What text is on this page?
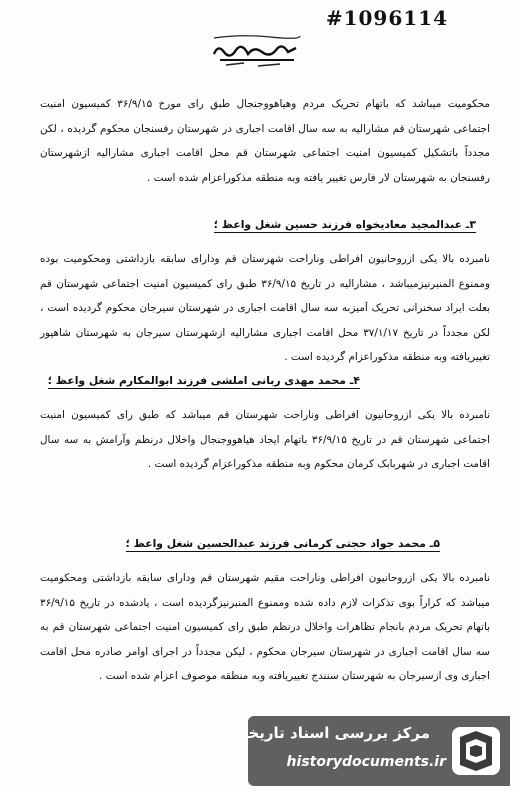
#1096114

محکومیت میباشد که باتهام تحریک مردم وهیاهووجنجال طبق رای مورخ ۳۶/۹/۱۵ کمیسیون امنیت اجتماعی شهرستان قم مشارالیه به سه سال اقامت اجباری در شهرستان رفسنجان محکوم گردیده ، لکن مجدداً باتشکیل کمیسیون امنیت اجتماعی شهرستان قم محل اقامت اجباری مشارالیه ازشهرستان رفسنجان به شهرستان لار فارس تغییر یافته وبه منطقه مذکوراعزام شده است .

۳ـ عبدالمجید معادیخواه فرزند حسین شغل واعظ ؛

نامبرده بالا یکی ازروحانیون افراطی وناراحت شهرستان قم ودارای سابقه بازداشتی ومحکومیت بوده وممنوع المنبرنیزمیباشد ، مشارالیه در تاریخ ۳۶/۹/۱۵ طبق رای کمیسیون امنیت اجتماعی شهرستان قم بعلت ایراد سخنرانی تحریک آمیزبه سه سال اقامت اجباری در شهرستان سیرجان محکوم گردیده است ، لکن مجدداً در تاریخ ۳۷/۱/۱۷ محل اقامت اجباری مشارالیه ازشهرستان سیرجان به شهرستان شاهپور تغییریافته وبه منطقه مذکوراعزام گردیده است .

۴ـ محمد مهدی ربانی املشی فرزند ابوالمکارم شغل واعظ ؛

نامبرده بالا یکی ازروحانیون افراطی وناراحت شهرستان قم میباشد که طبق رای کمیسیون امنیت اجتماعی شهرستان قم در تاریخ ۳۶/۹/۱۵ باتهام ایجاد هیاهووجنجال واخلال درنظم وآرامش به سه سال اقامت اجباری در شهربابک کرمان محکوم وبه منطقه مذکوراعزام گردیده است .

۵ـ محمد جواد حجتی کرمانی فرزند عبدالحسین شغل واعظ ؛

نامبرده بالا یکی ازروحانیون افراطی وناراحت مقیم شهرستان قم ودارای سابقه بازداشتی ومحکومیت میباشد که کراراً بوی تذکرات لازم داده شده وممنوع المنبرنیزگردیده است ، یادشده در تاریخ ۳۶/۹/۱۵ باتهام تحریک مردم بانجام تظاهرات واخلال درنظم طبق رای کمیسیون امنیت اجتماعی شهرستان قم به سه سال اقامت اجباری در شهرستان سیرجان محکوم ، لیکن مجدداً در اجرای اوامر صادره محل اقامت اجباری وی ازسیرجان به شهرستان سنندج تغییریافته وبه منطقه موصوف اعزام شده است .

مرکز بررسی اسناد تاریخی
historydocuments.ir
